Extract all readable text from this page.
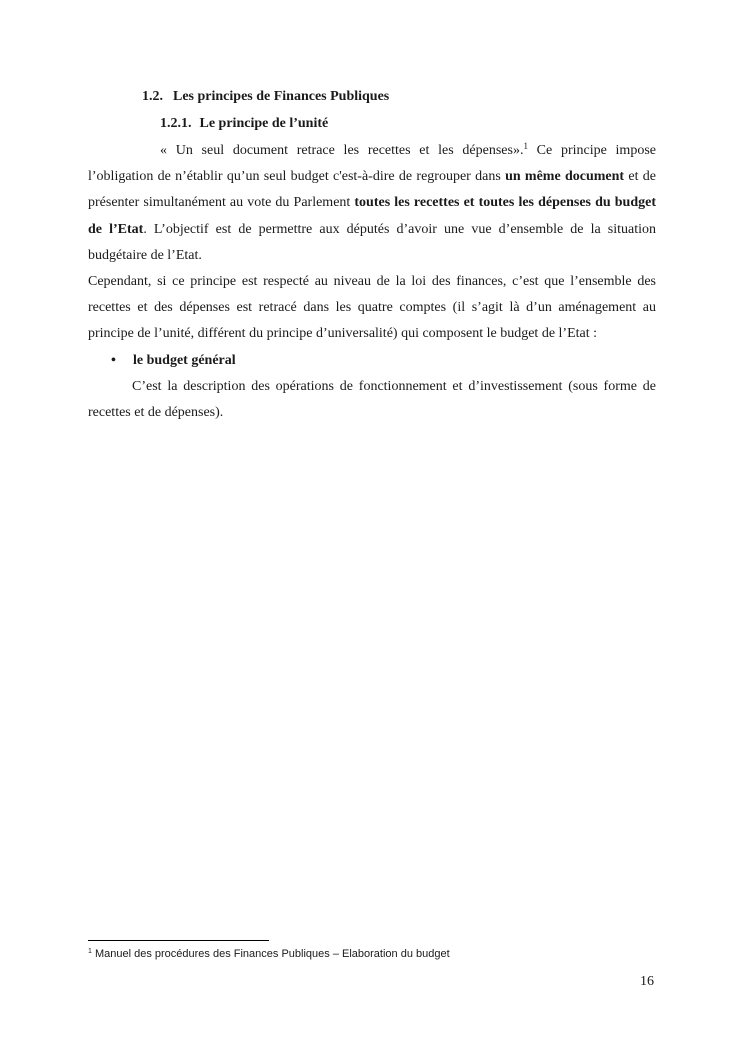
1.2. Les principes de Finances Publiques
1.2.1. Le principe de l’unité

« Un seul document retrace les recettes et les dépenses».$^1$ Ce principe impose l’obligation de n’établir qu’un seul budget c'est-à-dire de regrouper dans un même document et de présenter simultanément au vote du Parlement toutes les recettes et toutes les dépenses du budget de l’Etat. L’objectif est de permettre aux députés d’avoir une vue d’ensemble de la situation budgétaire de l’Etat.

Cependant, si ce principe est respecté au niveau de la loi des finances, c’est que l’ensemble des recettes et des dépenses est retracé dans les quatre comptes (il s’agit là d’un aménagement au principe de l’unité, différent du principe d’universalité) qui composent le budget de l’Etat :

• le budget général

C’est la description des opérations de fonctionnement et d’investissement (sous forme de recettes et de dépenses).

$^1$ Manuel des procédures des Finances Publiques – Elaboration du budget
16
